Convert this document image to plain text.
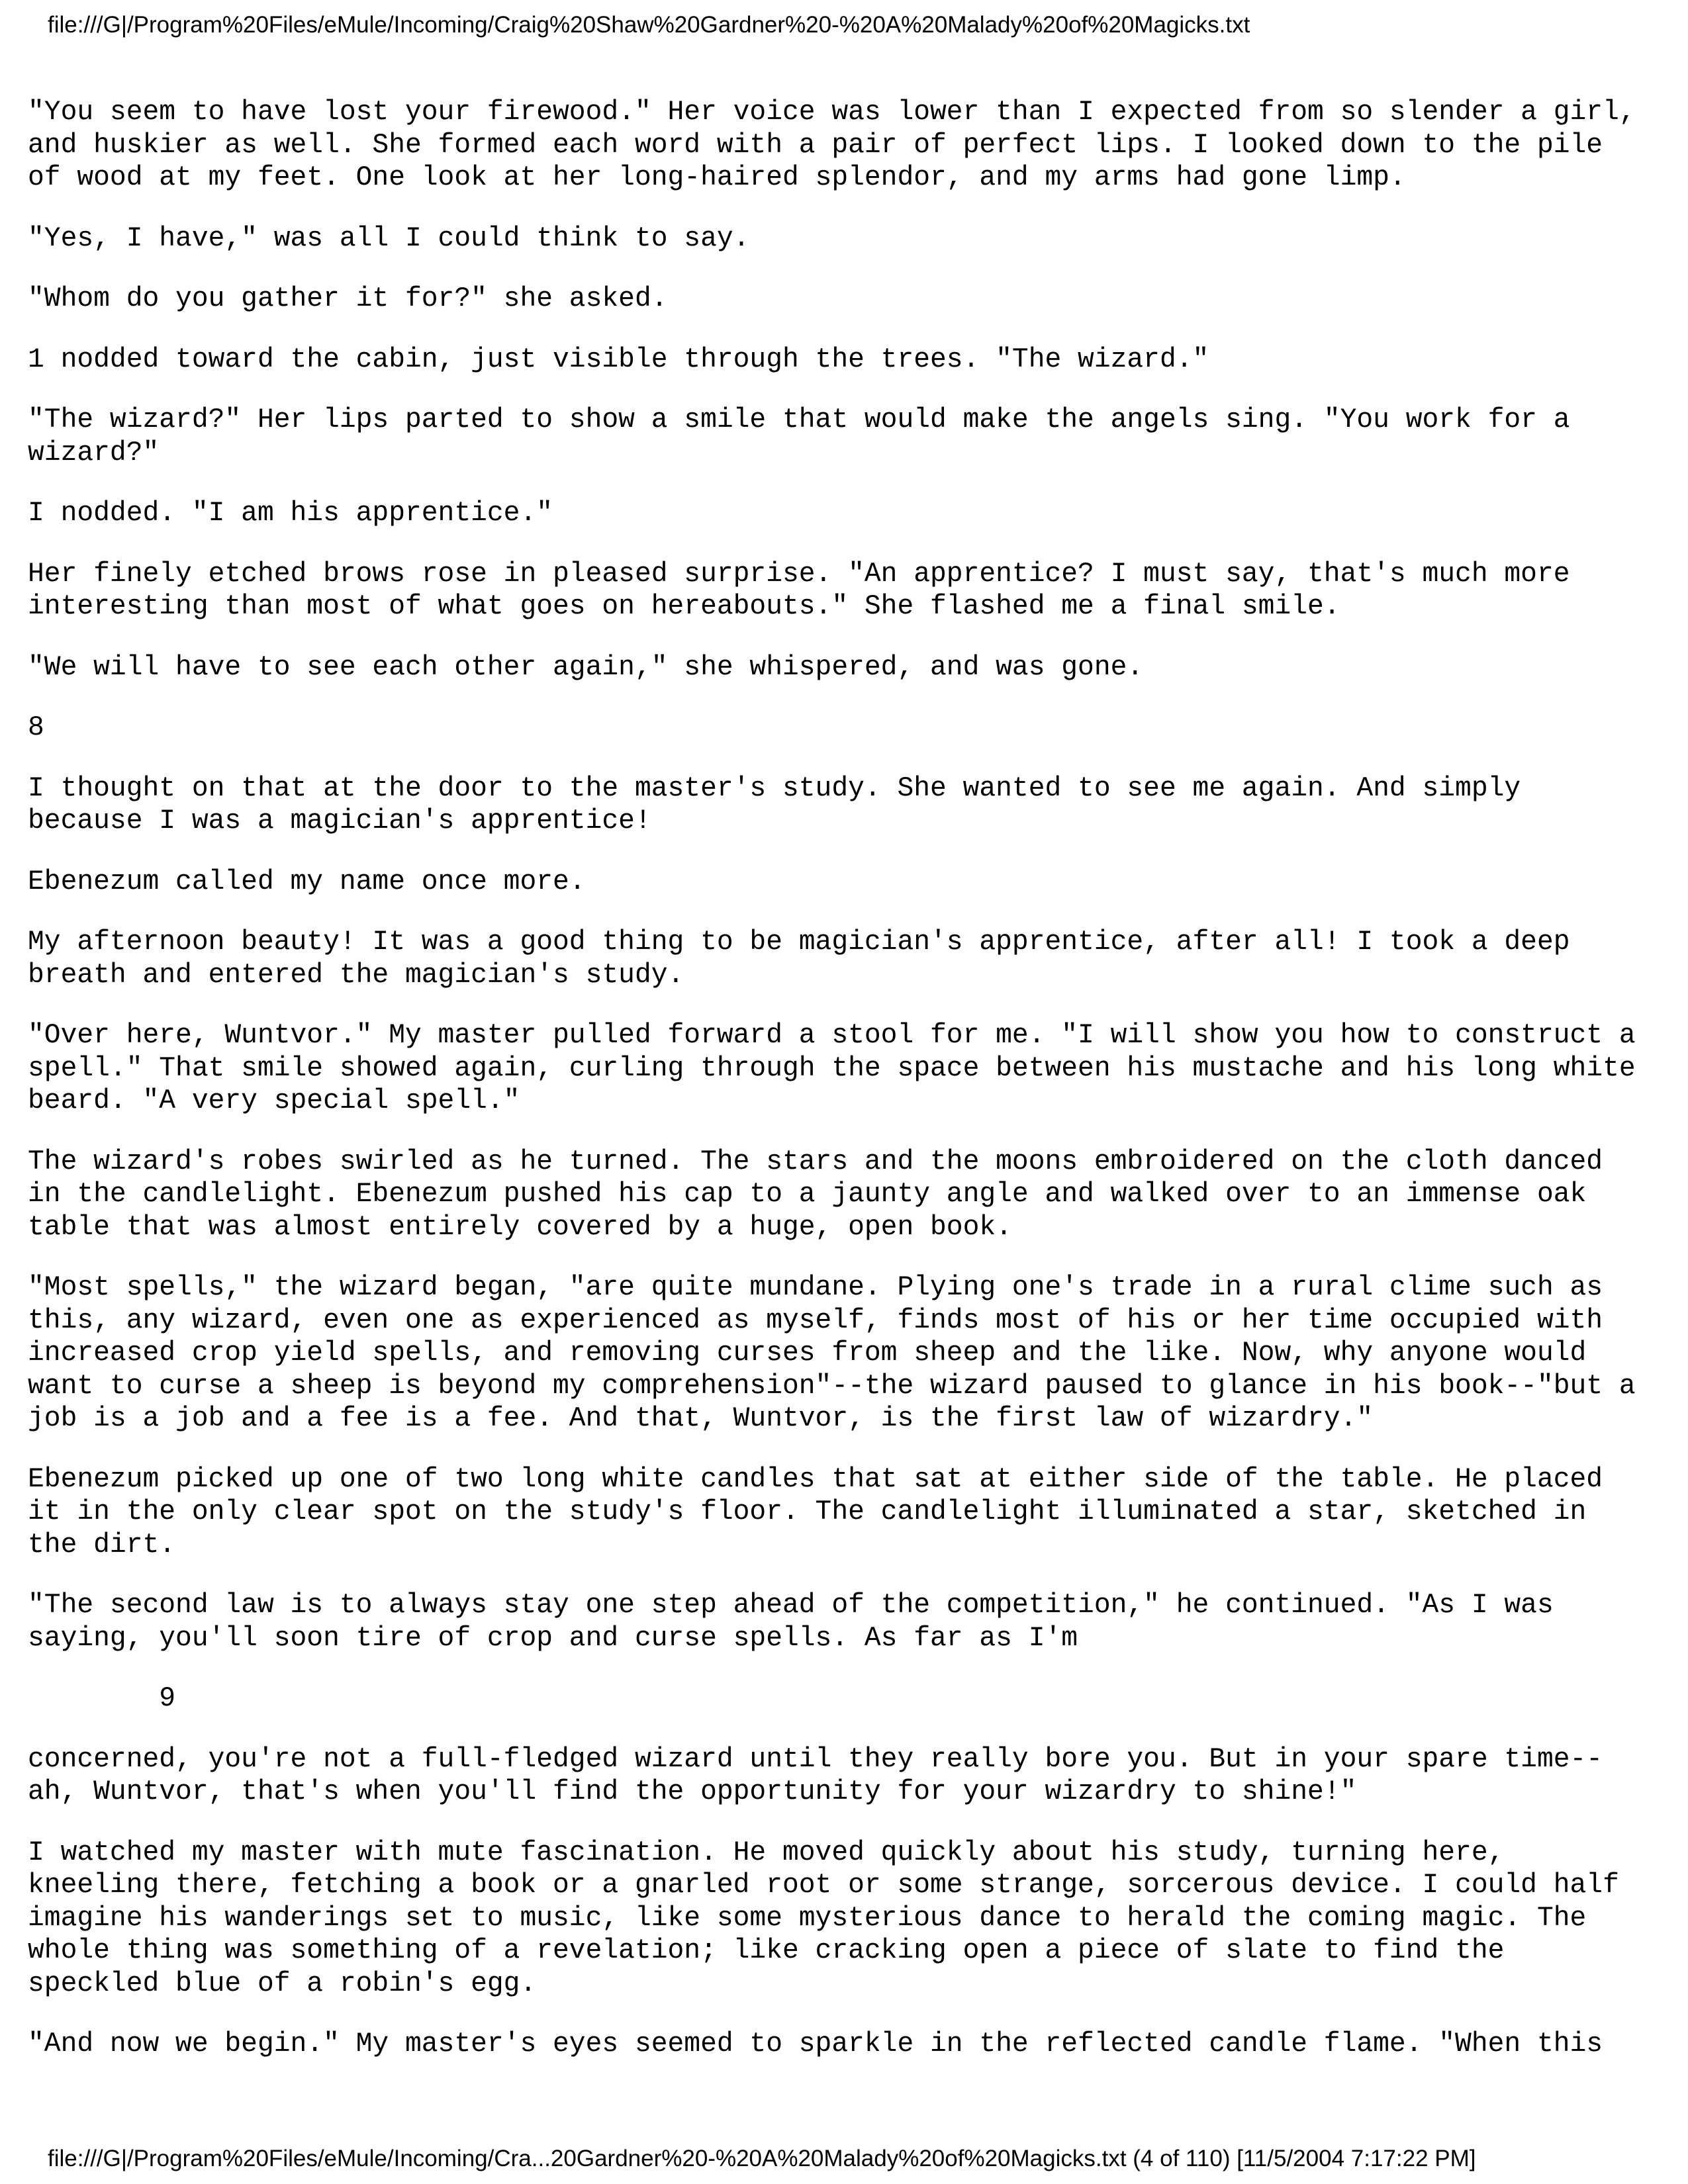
file:///G|/Program%20Files/eMule/Incoming/Craig%20Shaw%20Gardner%20-%20A%20Malady%20of%20Magicks.txt
"You seem to have lost your firewood." Her voice was lower than I expected from so slender a girl,
and huskier as well. She formed each word with a pair of perfect lips. I looked down to the pile
of wood at my feet. One look at her long-haired splendor, and my arms had gone limp.
"Yes, I have," was all I could think to say.
"Whom do you gather it for?" she asked.
1 nodded toward the cabin, just visible through the trees. "The wizard."
"The wizard?" Her lips parted to show a smile that would make the angels sing. "You work for a
wizard?"
I nodded. "I am his apprentice."
Her finely etched brows rose in pleased surprise. "An apprentice? I must say, that's much more
interesting than most of what goes on hereabouts." She flashed me a final smile.
"We will have to see each other again," she whispered, and was gone.
8
I thought on that at the door to the master's study. She wanted to see me again. And simply
because I was a magician's apprentice!
Ebenezum called my name once more.
My afternoon beauty! It was a good thing to be magician's apprentice, after all! I took a deep
breath and entered the magician's study.
"Over here, Wuntvor." My master pulled forward a stool for me. "I will show you how to construct a
spell." That smile showed again, curling through the space between his mustache and his long white
beard. "A very special spell."
The wizard's robes swirled as he turned. The stars and the moons embroidered on the cloth danced
in the candlelight. Ebenezum pushed his cap to a jaunty angle and walked over to an immense oak
table that was almost entirely covered by a huge, open book.
"Most spells," the wizard began, "are quite mundane. Plying one's trade in a rural clime such as
this, any wizard, even one as experienced as myself, finds most of his or her time occupied with
increased crop yield spells, and removing curses from sheep and the like. Now, why anyone would
want to curse a sheep is beyond my comprehension"--the wizard paused to glance in his book--"but a
job is a job and a fee is a fee. And that, Wuntvor, is the first law of wizardry."
Ebenezum picked up one of two long white candles that sat at either side of the table. He placed
it in the only clear spot on the study's floor. The candlelight illuminated a star, sketched in
the dirt.
"The second law is to always stay one step ahead of the competition," he continued. "As I was
saying, you'll soon tire of crop and curse spells. As far as I'm
9
concerned, you're not a full-fledged wizard until they really bore you. But in your spare time--
ah, Wuntvor, that's when you'll find the opportunity for your wizardry to shine!"
I watched my master with mute fascination. He moved quickly about his study, turning here,
kneeling there, fetching a book or a gnarled root or some strange, sorcerous device. I could half
imagine his wanderings set to music, like some mysterious dance to herald the coming magic. The
whole thing was something of a revelation; like cracking open a piece of slate to find the
speckled blue of a robin's egg.
"And now we begin." My master's eyes seemed to sparkle in the reflected candle flame. "When this
file:///G|/Program%20Files/eMule/Incoming/Cra...20Gardner%20-%20A%20Malady%20of%20Magicks.txt (4 of 110) [11/5/2004 7:17:22 PM]
